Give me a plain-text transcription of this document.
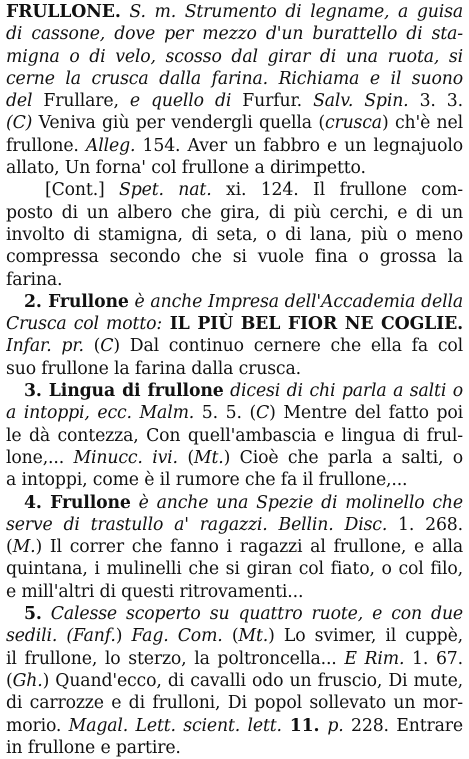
FRULLONE. S. m. Strumento di legname, a guisa
di cassone, dove per mezzo d'un burattello di sta-
migna o di velo, scosso dal girar di una ruota, si
cerne la crusca dalla farina. Richiama e il suono
del Frullare, e quello di Furfur. Salv. Spin. 3. 3.
(C) Veniva giù per vendergli quella (crusca) ch'è nel
frullone. Alleg. 154. Aver un fabbro e un legnajuolo
allato, Un forna' col frullone a dirimpetto.
[Cont.] Spet. nat. xi. 124. Il frullone com-
posto di un albero che gira, di più cerchi, e di un
involto di stamigna, di seta, o di lana, più o meno
compressa secondo che si vuole fina o grossa la
farina.
2. Frullone è anche Impresa dell'Accademia della
Crusca col motto: IL PIÙ BEL FIOR NE COGLIE.
Infar. pr. (C) Dal continuo cernere che ella fa col
suo frullone la farina dalla crusca.
3. Lingua di frullone dicesi di chi parla a salti o
a intoppi, ecc. Malm. 5. 5. (C) Mentre del fatto poi
le dà contezza, Con quell'ambascia e lingua di frul-
lone,... Minucc. ivi. (Mt.) Cioè che parla a salti, o
a intoppi, come è il rumore che fa il frullone,...
4. Frullone è anche una Spezie di molinello che
serve di trastullo a' ragazzi. Bellin. Disc. 1. 268.
(M.) Il correr che fanno i ragazzi al frullone, e alla
quintana, i mulinelli che si giran col fiato, o col filo,
e mill'altri di questi ritrovamenti...
5. Calesse scoperto su quattro ruote, e con due
sedili. (Fanf.) Fag. Com. (Mt.) Lo svimer, il cuppè,
il frullone, lo sterzo, la poltroncella... E Rim. 1. 67.
(Gh.) Quand'ecco, di cavalli odo un fruscio, Di mute,
di carrozze e di frulloni, Di popol sollevato un mor-
morio. Magal. Lett. scient. lett. 11. p. 228. Entrare
in frullone e partire.
